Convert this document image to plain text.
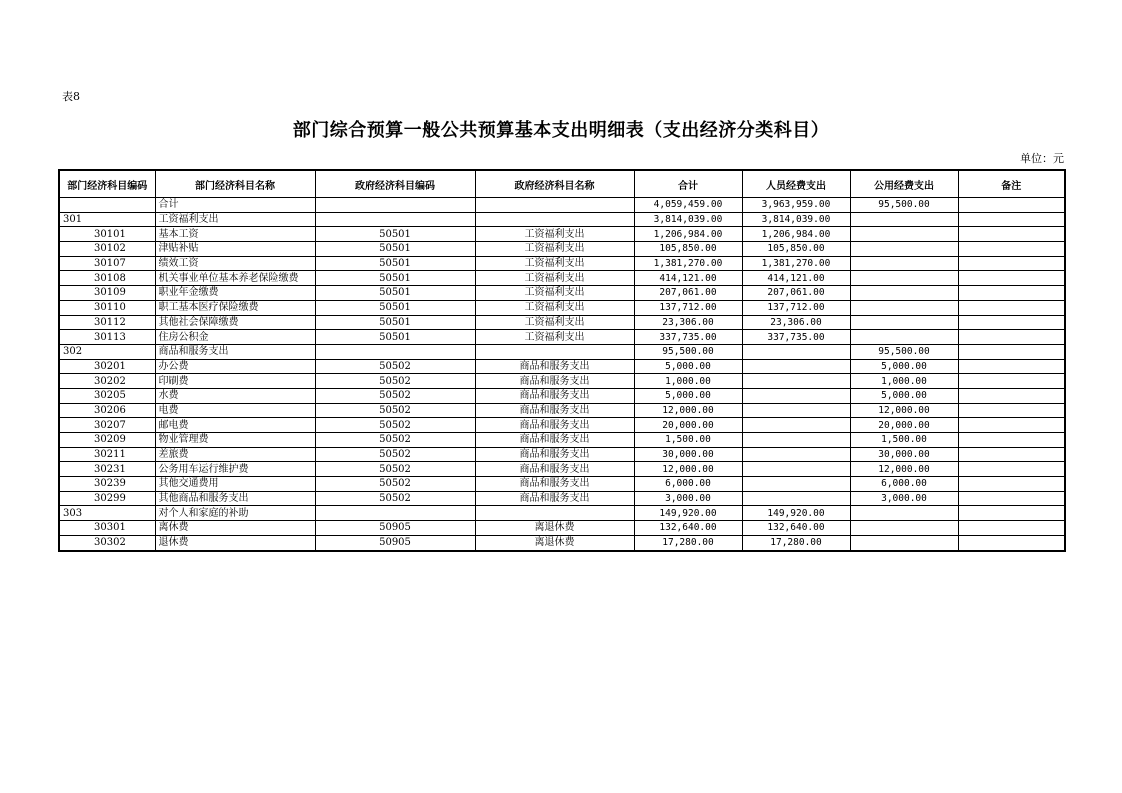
表8
部门综合预算一般公共预算基本支出明细表（支出经济分类科目）
单位：元
部门经济科目编码	部门经济科目名称	政府经济科目编码	政府经济科目名称	合计	人员经费支出	公用经费支出	备注
	合计			4,059,459.00	3,963,959.00	95,500.00	
301	工资福利支出			3,814,039.00	3,814,039.00		
30101	基本工资	50501	工资福利支出	1,206,984.00	1,206,984.00		
30102	津贴补贴	50501	工资福利支出	105,850.00	105,850.00		
30107	绩效工资	50501	工资福利支出	1,381,270.00	1,381,270.00		
30108	机关事业单位基本养老保险缴费	50501	工资福利支出	414,121.00	414,121.00		
30109	职业年金缴费	50501	工资福利支出	207,061.00	207,061.00		
30110	职工基本医疗保险缴费	50501	工资福利支出	137,712.00	137,712.00		
30112	其他社会保障缴费	50501	工资福利支出	23,306.00	23,306.00		
30113	住房公积金	50501	工资福利支出	337,735.00	337,735.00		
302	商品和服务支出			95,500.00		95,500.00	
30201	办公费	50502	商品和服务支出	5,000.00		5,000.00	
30202	印刷费	50502	商品和服务支出	1,000.00		1,000.00	
30205	水费	50502	商品和服务支出	5,000.00		5,000.00	
30206	电费	50502	商品和服务支出	12,000.00		12,000.00	
30207	邮电费	50502	商品和服务支出	20,000.00		20,000.00	
30209	物业管理费	50502	商品和服务支出	1,500.00		1,500.00	
30211	差旅费	50502	商品和服务支出	30,000.00		30,000.00	
30231	公务用车运行维护费	50502	商品和服务支出	12,000.00		12,000.00	
30239	其他交通费用	50502	商品和服务支出	6,000.00		6,000.00	
30299	其他商品和服务支出	50502	商品和服务支出	3,000.00		3,000.00	
303	对个人和家庭的补助			149,920.00	149,920.00		
30301	离休费	50905	离退休费	132,640.00	132,640.00		
30302	退休费	50905	离退休费	17,280.00	17,280.00		
